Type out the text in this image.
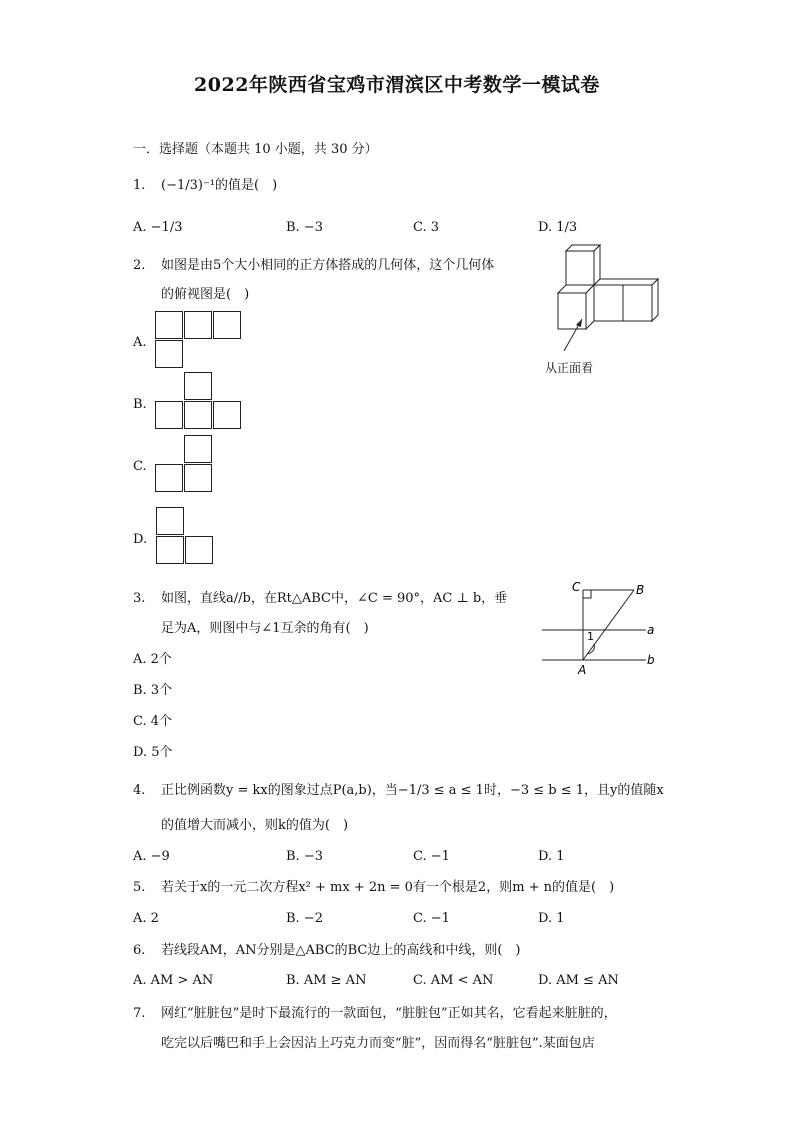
2022年陕西省宝鸡市渭滨区中考数学一模试卷
一．选择题（本题共 10 小题，共 30 分）
1. (−1/3)⁻¹的值是(　)
A. −1/3	B. −3	C. 3	D. 1/3
2. 如图是由5个大小相同的正方体搭成的几何体，这个几何体
的俯视图是(　)
从正面看
A.
B.
C.
D.
3. 如图，直线a//b，在Rt△ABC中，∠C = 90°，AC ⊥ b，垂
足为A，则图中与∠1互余的角有(　)
A. 2个
B. 3个
C. 4个
D. 5个
C	B
A
a
b
1
4. 正比例函数y = kx的图象过点P(a,b)，当−1/3 ≤ a ≤ 1时，−3 ≤ b ≤ 1，且y的值随x
的值增大而减小，则k的值为(　)
A. −9	B. −3	C. −1	D. 1
5. 若关于x的一元二次方程x² + mx + 2n = 0有一个根是2，则m + n的值是(　)
A. 2	B. −2	C. −1	D. 1
6. 若线段AM，AN分别是△ABC的BC边上的高线和中线，则(　)
A. AM > AN	B. AM ≥ AN	C. AM < AN	D. AM ≤ AN
7. 网红“脏脏包”是时下最流行的一款面包，“脏脏包”正如其名，它看起来脏脏的，
吃完以后嘴巴和手上会因沾上巧克力而变“脏”，因而得名“脏脏包”.某面包店
